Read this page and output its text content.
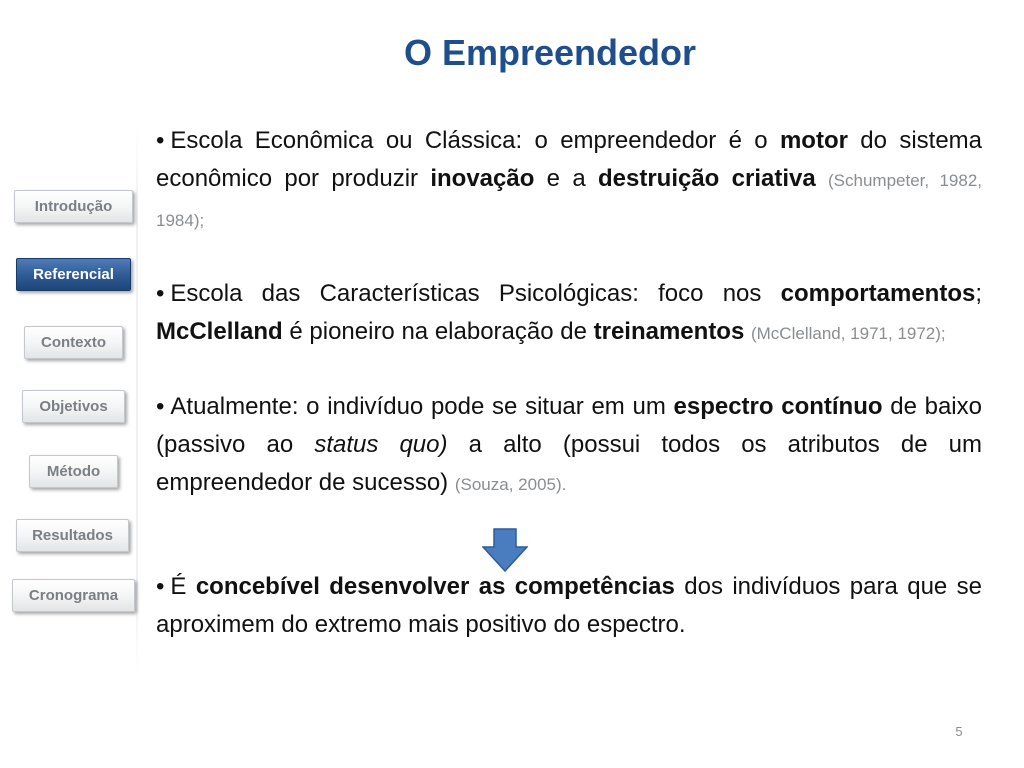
O Empreendedor
Introdução
Referencial
Contexto
Objetivos
Método
Resultados
Cronograma

• Escola Econômica ou Clássica: o empreendedor é o motor do sistema econômico por produzir inovação e a destruição criativa (Schumpeter, 1982, 1984);

• Escola das Características Psicológicas: foco nos comportamentos; McClelland é pioneiro na elaboração de treinamentos (McClelland, 1971, 1972);

• Atualmente: o indivíduo pode se situar em um espectro contínuo de baixo (passivo ao status quo) a alto (possui todos os atributos de um empreendedor de sucesso) (Souza, 2005).

• É concebível desenvolver as competências dos indivíduos para que se aproximem do extremo mais positivo do espectro.

5
